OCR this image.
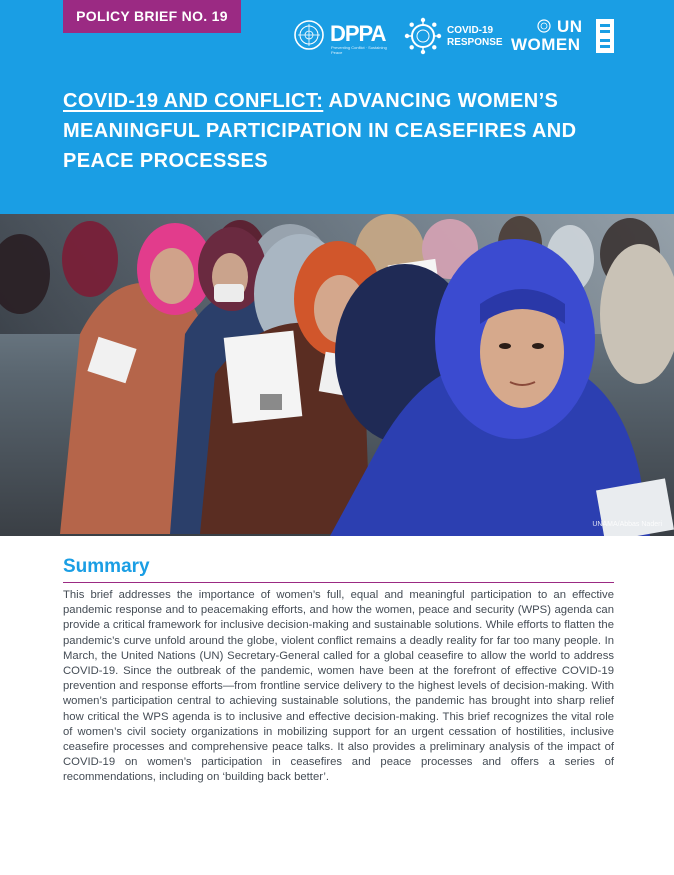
POLICY BRIEF NO. 19
DPPA
Preventing Conflict · Sustaining Peace
COVID-19
RESPONSE
UN
WOMEN
COVID-19 AND CONFLICT: ADVANCING WOMEN’S MEANINGFUL PARTICIPATION IN CEASEFIRES AND PEACE PROCESSES
UNAMA/Abbas Naderi
Summary

This brief addresses the importance of women’s full, equal and meaningful participation to an effective pandemic response and to peacemaking efforts, and how the women, peace and security (WPS) agenda can provide a critical framework for inclusive decision-making and sustainable solutions. While efforts to flatten the pandemic’s curve unfold around the globe, violent conflict remains a deadly reality for far too many people. In March, the United Nations (UN) Secretary-General called for a global ceasefire to allow the world to address COVID-19. Since the outbreak of the pandemic, women have been at the forefront of effective COVID-19 prevention and response efforts—from frontline service delivery to the highest levels of decision-making. With women’s participation central to achieving sustainable solutions, the pandemic has brought into sharp relief how critical the WPS agenda is to inclusive and effective decision-making. This brief recognizes the vital role of women’s civil society organizations in mobilizing support for an urgent cessation of hostilities, inclusive ceasefire processes and comprehensive peace talks. It also provides a preliminary analysis of the impact of COVID-19 on women’s participation in ceasefires and peace processes and offers a series of recommendations, including on ‘building back better’.
